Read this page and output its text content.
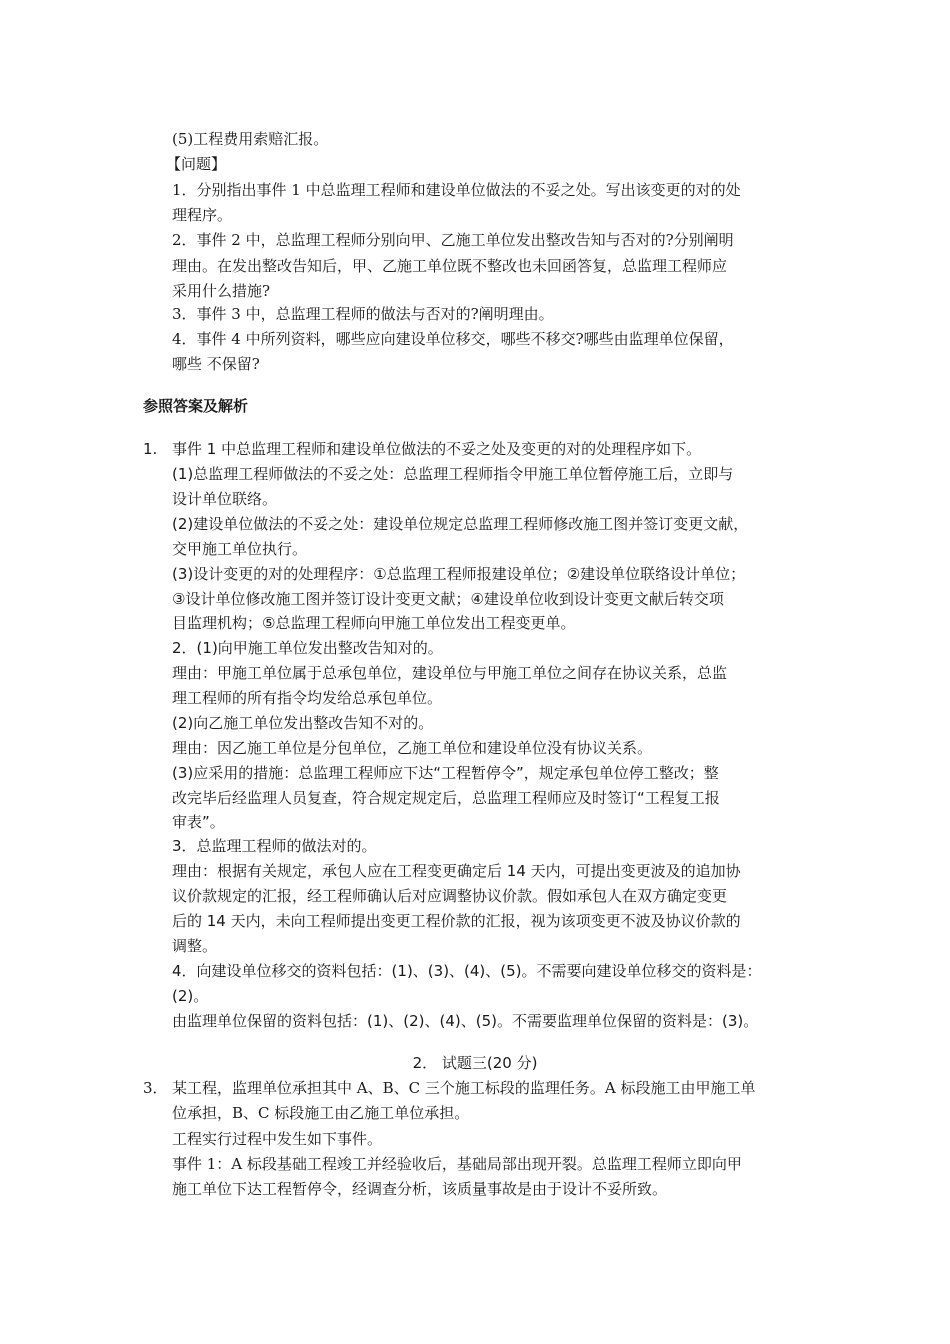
(5)工程费用索赔汇报。
【问题】
1．分别指出事件 1 中总监理工程师和建设单位做法的不妥之处。写出该变更的对的处
理程序。
2．事件 2 中，总监理工程师分别向甲、乙施工单位发出整改告知与否对的?分别阐明
理由。在发出整改告知后，甲、乙施工单位既不整改也未回函答复，总监理工程师应
采用什么措施?
3．事件 3 中，总监理工程师的做法与否对的?阐明理由。
4．事件 4 中所列资料，哪些应向建设单位移交，哪些不移交?哪些由监理单位保留，
哪些 不保留?
参照答案及解析
1. 事件 1 中总监理工程师和建设单位做法的不妥之处及变更的对的处理程序如下。
(1)总监理工程师做法的不妥之处：总监理工程师指令甲施工单位暂停施工后，立即与
设计单位联络。
(2)建设单位做法的不妥之处：建设单位规定总监理工程师修改施工图并签订变更文献，
交甲施工单位执行。
(3)设计变更的对的处理程序：①总监理工程师报建设单位；②建设单位联络设计单位；
③设计单位修改施工图并签订设计变更文献；④建设单位收到设计变更文献后转交项
目监理机构；⑤总监理工程师向甲施工单位发出工程变更单。
2．(1)向甲施工单位发出整改告知对的。
理由：甲施工单位属于总承包单位，建设单位与甲施工单位之间存在协议关系，总监
理工程师的所有指令均发给总承包单位。
(2)向乙施工单位发出整改告知不对的。
理由：因乙施工单位是分包单位，乙施工单位和建设单位没有协议关系。
(3)应采用的措施：总监理工程师应下达“工程暂停令”，规定承包单位停工整改；整
改完毕后经监理人员复查，符合规定规定后，总监理工程师应及时签订“工程复工报
审表”。
3．总监理工程师的做法对的。
理由：根据有关规定，承包人应在工程变更确定后 14 天内，可提出变更波及的追加协
议价款规定的汇报，经工程师确认后对应调整协议价款。假如承包人在双方确定变更
后的 14 天内，未向工程师提出变更工程价款的汇报，视为该项变更不波及协议价款的
调整。
4．向建设单位移交的资料包括：(1)、(3)、(4)、(5)。不需要向建设单位移交的资料是：
(2)。
由监理单位保留的资料包括：(1)、(2)、(4)、(5)。不需要监理单位保留的资料是：(3)。
2． 试题三(20 分)
3． 某工程，监理单位承担其中 A、B、C 三个施工标段的监理任务。A 标段施工由甲施工单
位承担，B、C 标段施工由乙施工单位承担。
工程实行过程中发生如下事件。
事件 1：A 标段基础工程竣工并经验收后，基础局部出现开裂。总监理工程师立即向甲
施工单位下达工程暂停令，经调查分析，该质量事故是由于设计不妥所致。
